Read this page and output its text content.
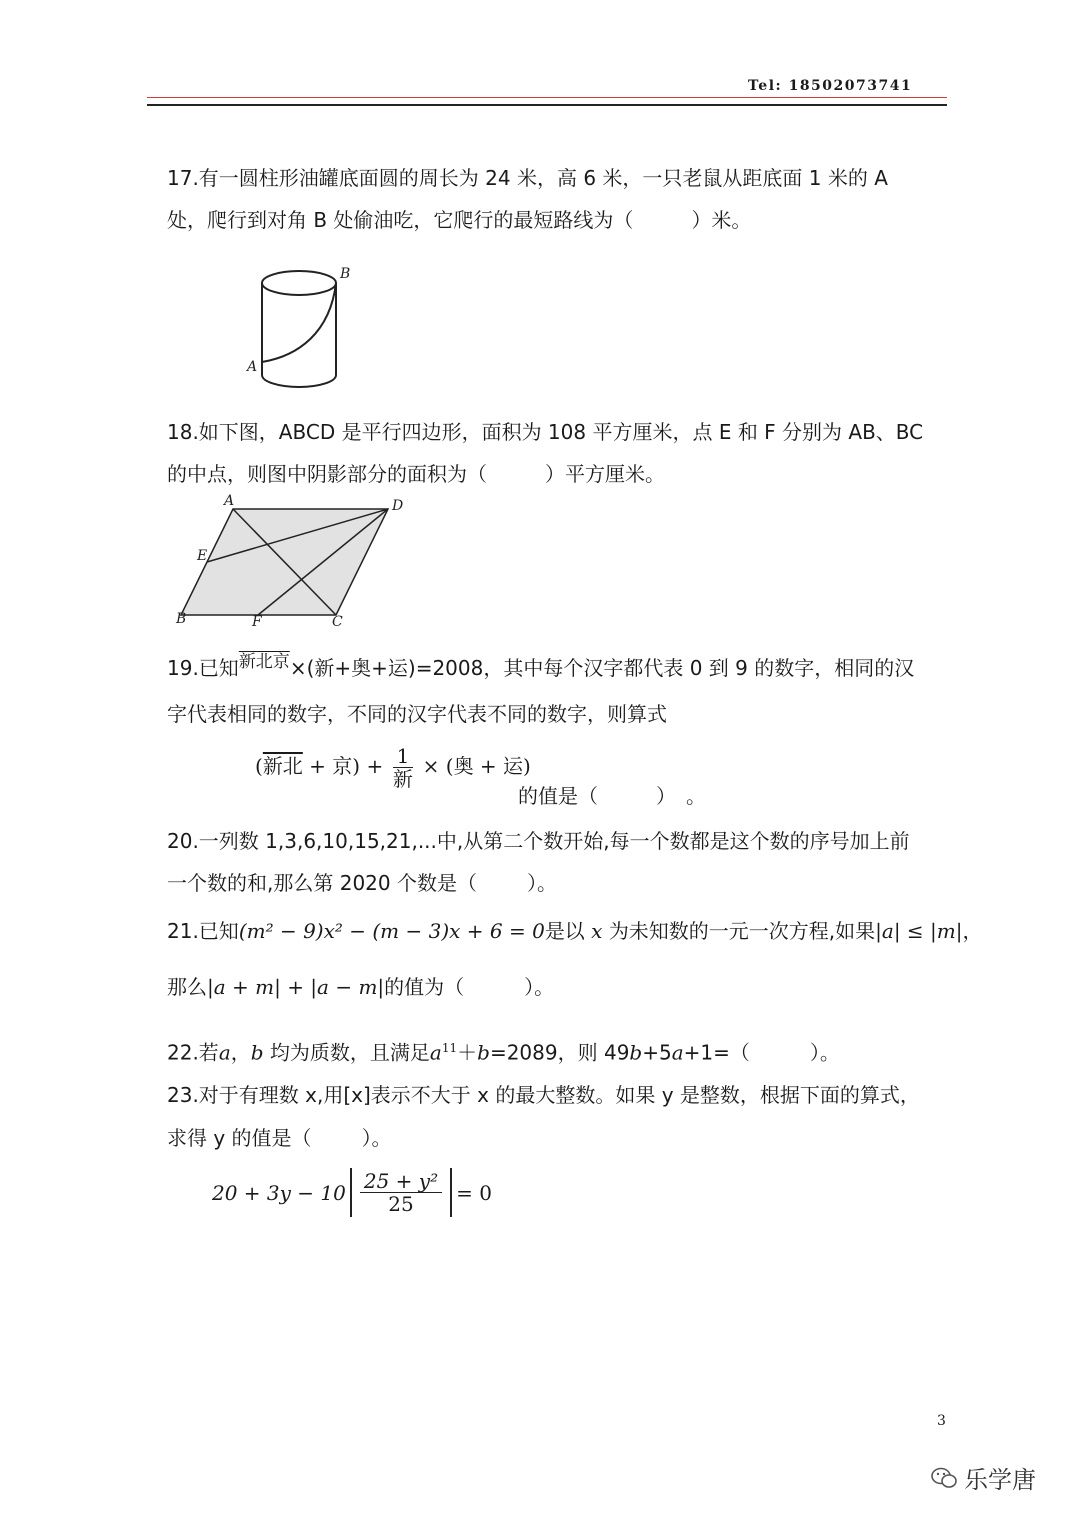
Tel: 18502073741
17.有一圆柱形油罐底面圆的周长为 24 米，高 6 米，一只老鼠从距底面 1 米的 A
处，爬行到对角 B 处偷油吃，它爬行的最短路线为（	）米。
A
B
18.如下图，ABCD 是平行四边形，面积为 108 平方厘米，点 E 和 F 分别为 AB、BC
的中点，则图中阴影部分的面积为（	）平方厘米。
A	D
E
B	F	C
19.已知$^{新北京}$×(新+奥+运)=2008，其中每个汉字都代表 0 到 9 的数字，相同的汉
字代表相同的数字，不同的汉字代表不同的数字，则算式
(新北 + 京) + $\frac{1}{\text{新}}$ × (奥 + 运)
的值是（	）　。
20.一列数 1,3,6,10,15,21,...中,从第二个数开始,每一个数都是这个数的序号加上前
一个数的和,那么第 2020 个数是（	）。
21.已知(m² − 9)x² − (m − 3)x + 6 = 0是以 x 为未知数的一元一次方程,如果|a| ≤ |m|，
那么|a + m| + |a − m|的值为（	）。
22.若a，b 均为质数，且满足$a^{11}+b=2089$，则 49b+5a+1=（	）。
23.对于有理数 x,用[x]表示不大于 x 的最大整数。如果 y 是整数，根据下面的算式，
求得 y 的值是（	）。
$20 + 3y - 10 \frac{\text{25 + y²}}{25} = 0$
3
乐学唐
